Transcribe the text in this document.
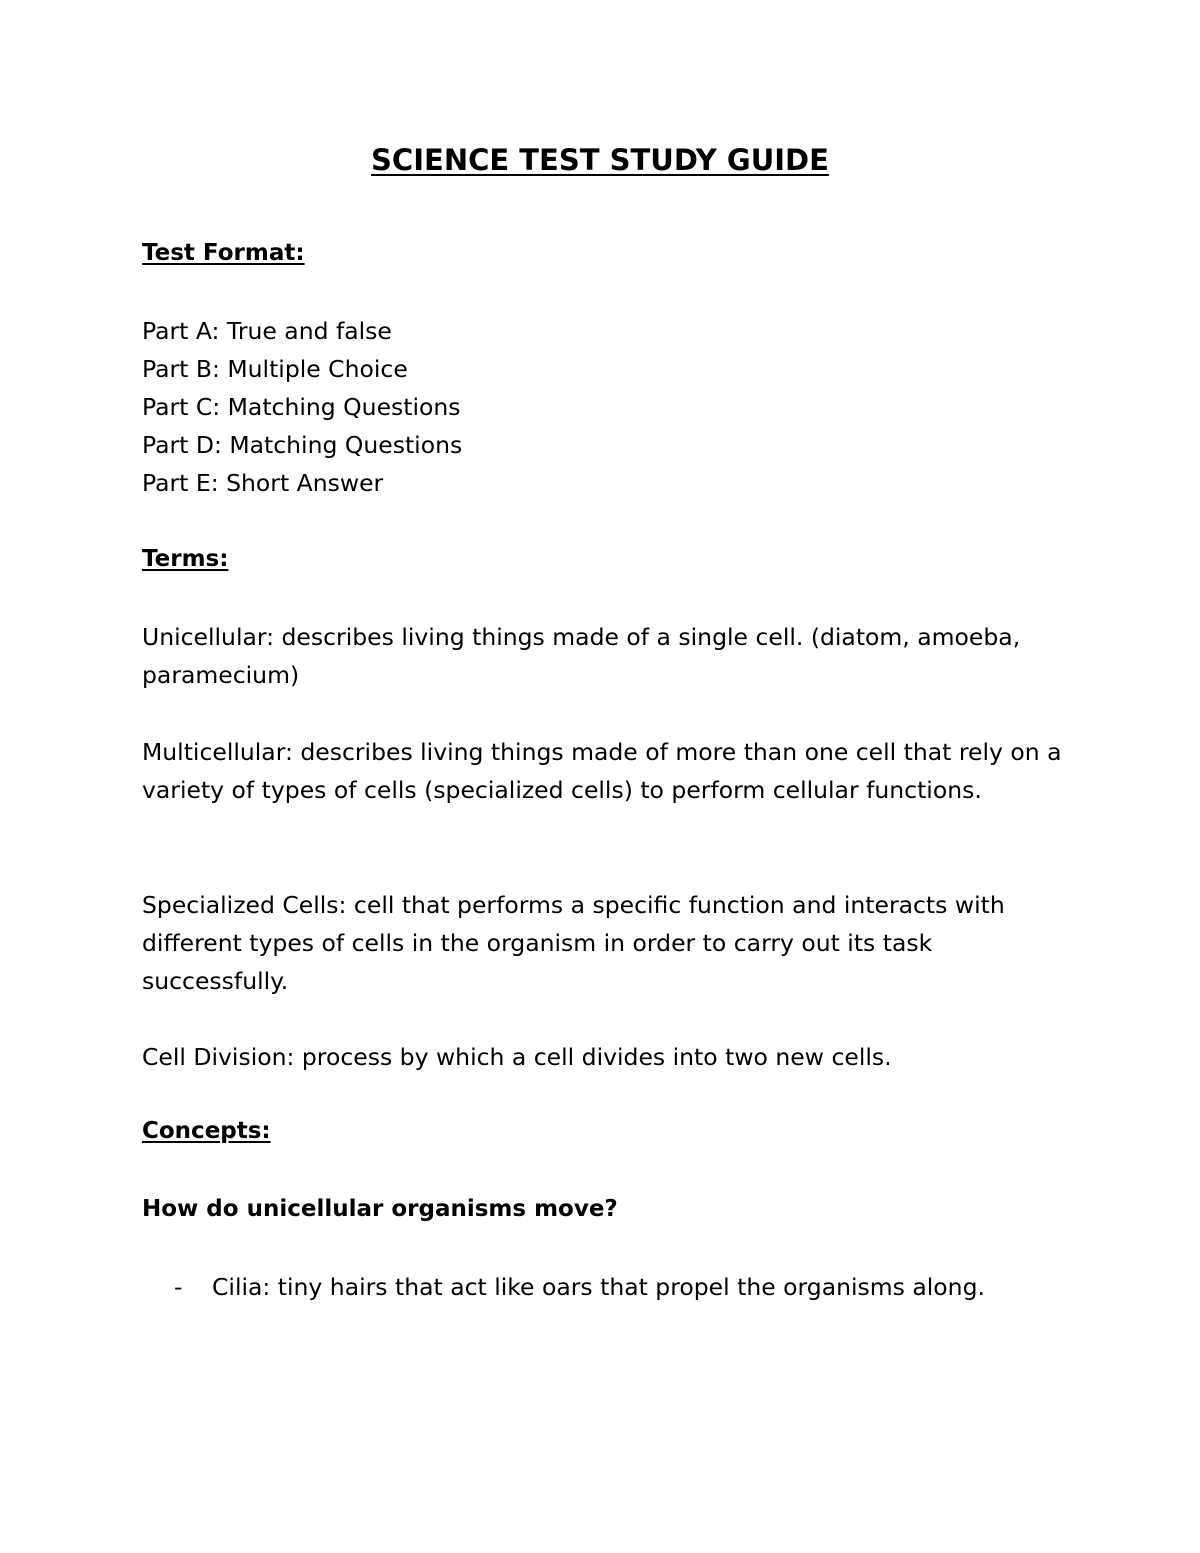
SCIENCE TEST STUDY GUIDE
Test Format:
Part A: True and false
Part B: Multiple Choice
Part C: Matching Questions
Part D: Matching Questions
Part E: Short Answer
Terms:

Unicellular: describes living things made of a single cell. (diatom, amoeba, paramecium)

Multicellular: describes living things made of more than one cell that rely on a variety of types of cells (specialized cells) to perform cellular functions.

Specialized Cells: cell that performs a specific function and interacts with different types of cells in the organism in order to carry out its task successfully.

Cell Division: process by which a cell divides into two new cells.

Concepts:
How do unicellular organisms move?
-	Cilia: tiny hairs that act like oars that propel the organisms along.
